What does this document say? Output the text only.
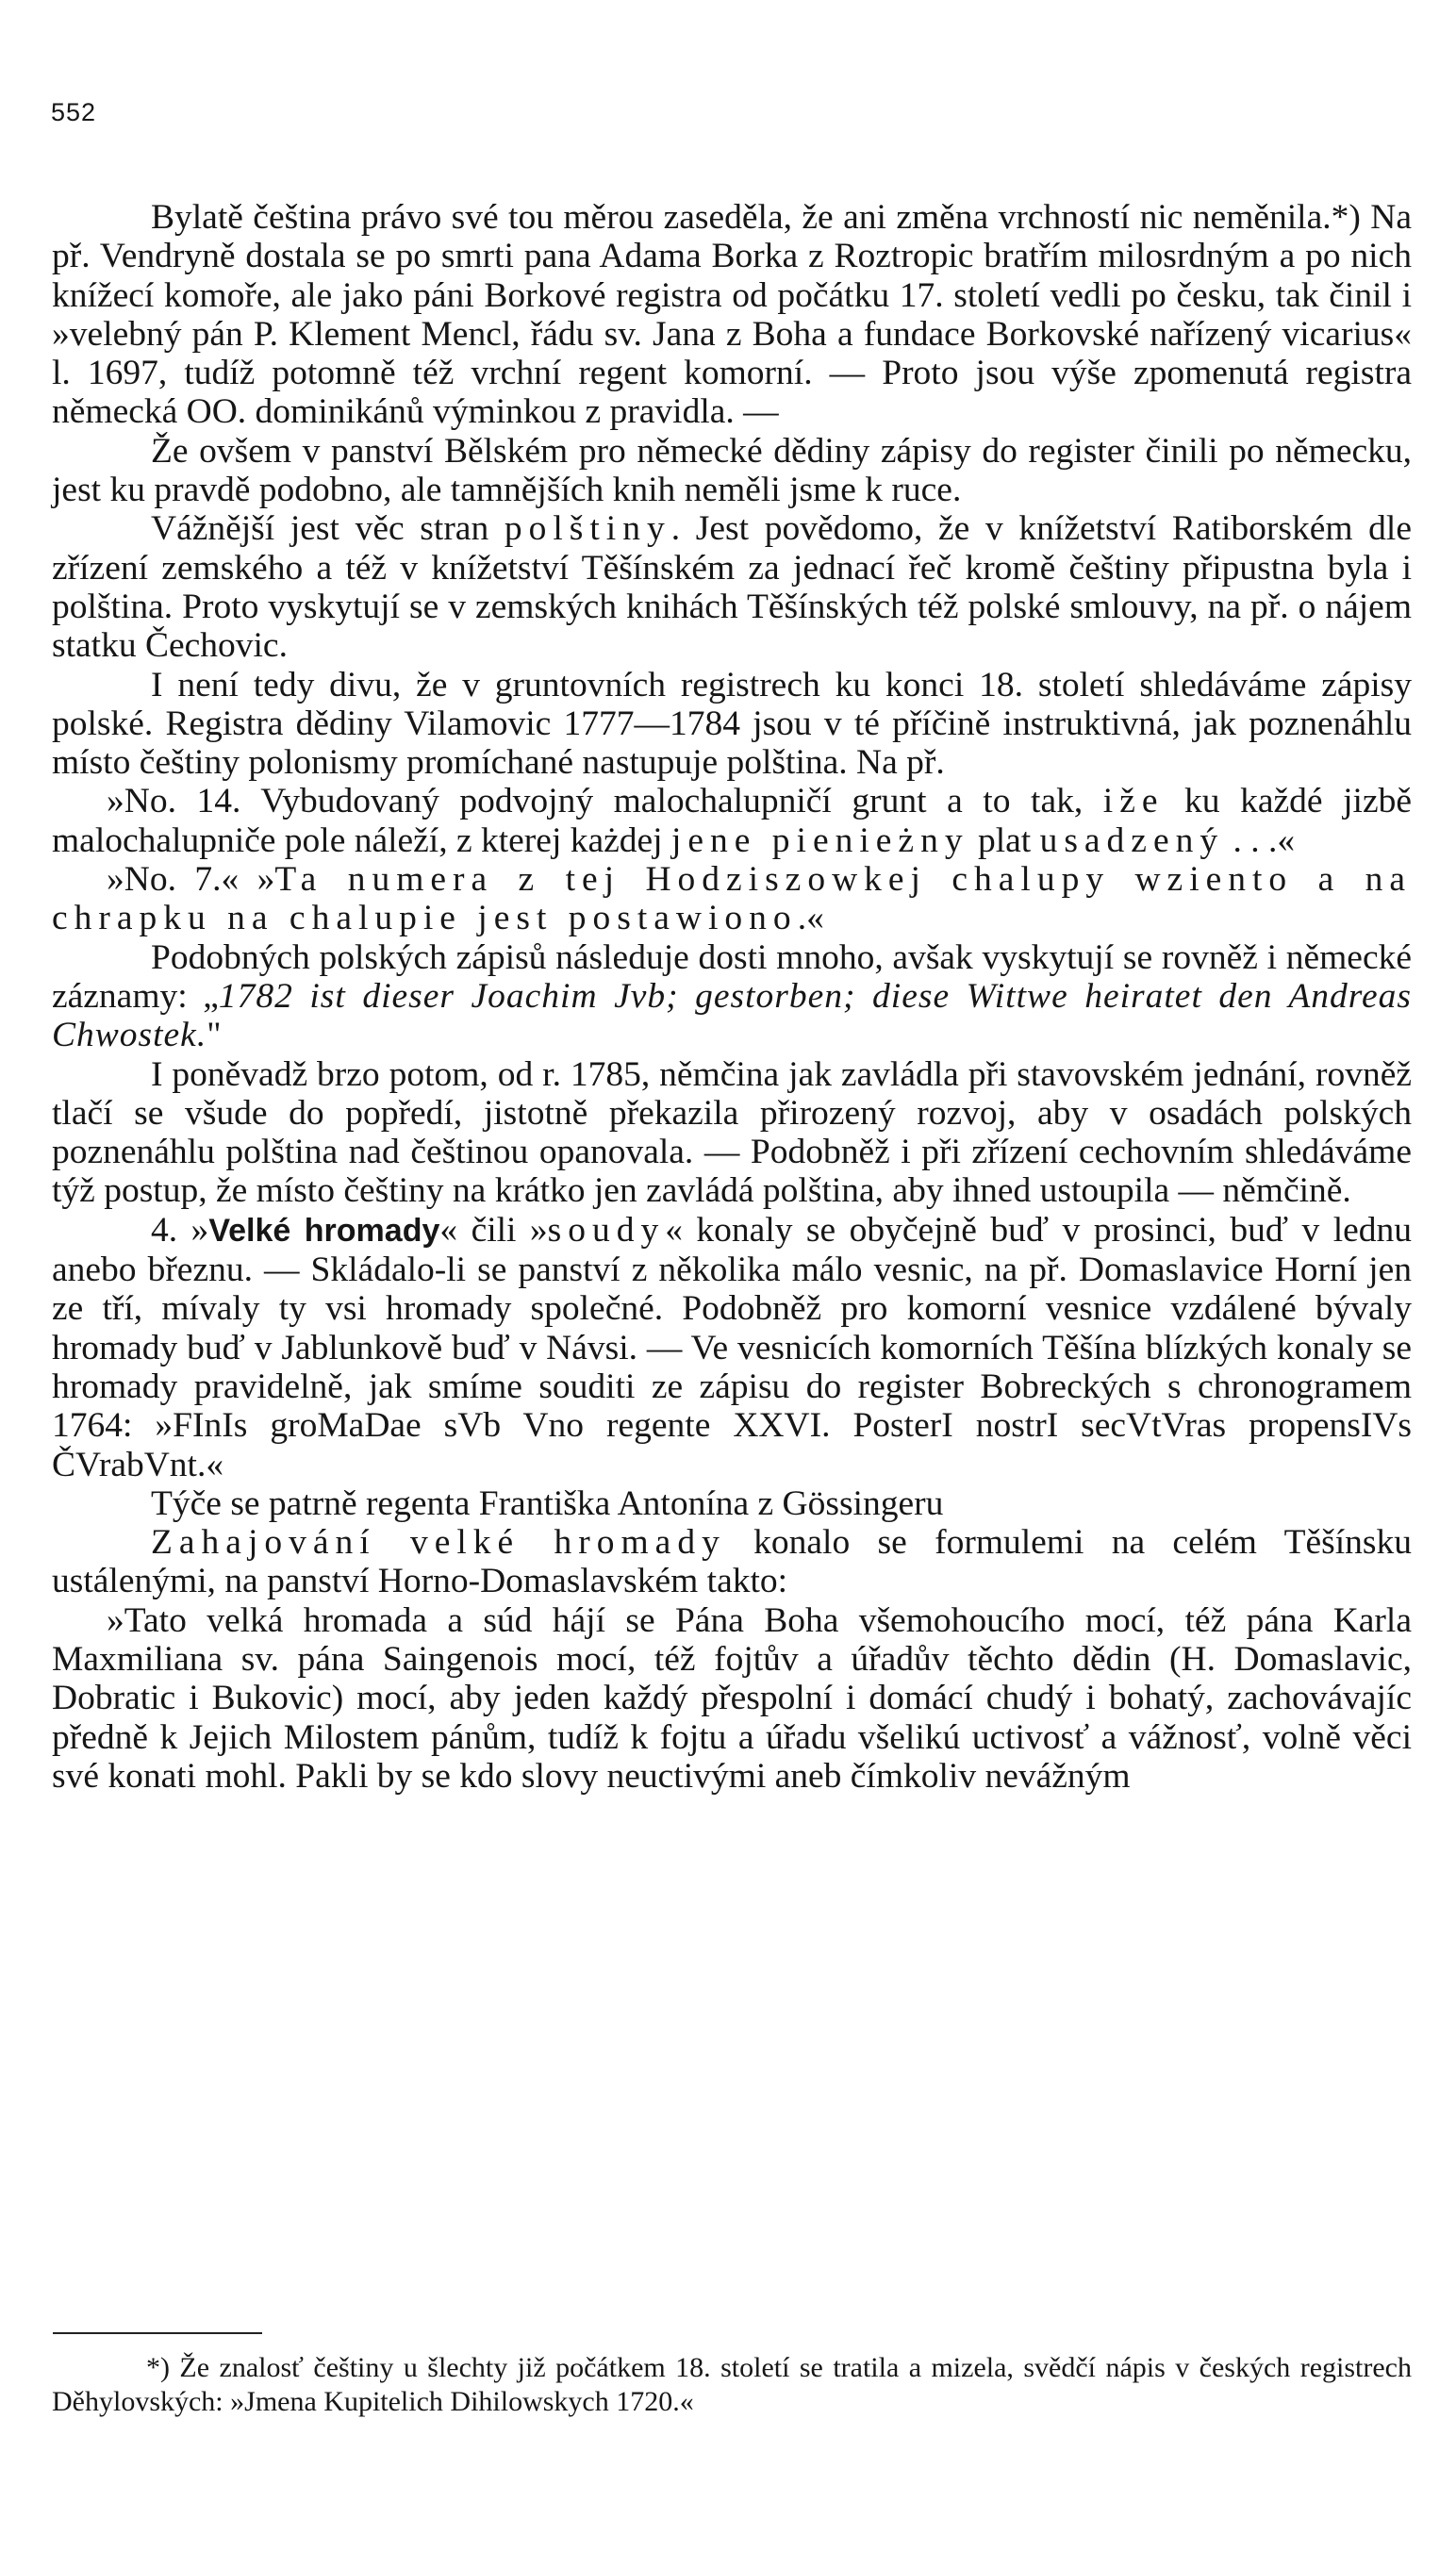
552

Bylatě čeština právo své tou měrou zaseděla, že ani změna vrchností nic neměnila.*) Na př. Vendryně dostala se po smrti pana Adama Borka z Roztropic bratřím milosrdným a po nich knížecí komoře, ale jako páni Borkové registra od počátku 17. století vedli po česku, tak činil i »velebný pán P. Klement Mencl, řádu sv. Jana z Boha a fundace Borkovské nařízený vicarius« l. 1697, tudíž potomně též vrchní regent komorní. — Proto jsou výše zpomenutá registra německá OO. dominikánů výminkou z pravidla. —

Že ovšem v panství Bělském pro německé dědiny zápisy do register činili po německu, jest ku pravdě podobno, ale tamnějších knih neměli jsme k ruce.

Vážnější jest věc stran polštiny. Jest povědomo, že v knížetství Ratiborském dle zřízení zemského a též v knížetství Těšínském za jednací řeč kromě češtiny připustna byla i polština. Proto vyskytují se v zemských knihách Těšínských též polské smlouvy, na př. o nájem statku Čechovic.

I není tedy divu, že v gruntovních registrech ku konci 18. století shledáváme zápisy polské. Registra dědiny Vilamovic 1777—1784 jsou v té příčině instruktivná, jak poznenáhlu místo češtiny polonismy promíchané nastupuje polština. Na př.

»No. 14. Vybudovaný podvojný malochalupničí grunt a to tak, iže ku každé jizbě malochalupniče pole náleží, z kterej każdej jene pienieżny plat usadzený . . .«

»No. 7.« »Ta numera z tej Hodziszowkej chalupy wziento a na chrapku na chalupie jest postawiono.«

Podobných polských zápisů následuje dosti mnoho, avšak vyskytují se rovněž i německé záznamy: „1782 ist dieser Joachim Jvb; gestorben; diese Wittwe heiratet den Andreas Chwostek."

I poněvadž brzo potom, od r. 1785, němčina jak zavládla při stavovském jednání, rovněž tlačí se všude do popředí, jistotně překazila přirozený rozvoj, aby v osadách polských poznenáhlu polština nad češtinou opanovala. — Podobněž i při zřízení cechovním shledáváme týž postup, že místo češtiny na krátko jen zavládá polština, aby ihned ustoupila — němčině.

4. »Velké hromady« čili »soudy« konaly se obyčejně buď v prosinci, buď v lednu anebo březnu. — Skládalo-li se panství z několika málo vesnic, na př. Domaslavice Horní jen ze tří, mívaly ty vsi hromady společné. Podobněž pro komorní vesnice vzdálené bývaly hromady buď v Jablunkově buď v Návsi. — Ve vesnicích komorních Těšína blízkých konaly se hromady pravidelně, jak smíme souditi ze zápisu do register Bobreckých s chronogramem 1764: »FInIs groMaDae sVb Vno regente XXVI. PosterI nostrI secVtVras propensIVs ČVrabVnt.«

Týče se patrně regenta Františka Antonína z Gössingeru

Zahajování velké hromady konalo se formulemi na celém Těšínsku ustálenými, na panství Horno-Domaslavském takto:

»Tato velká hromada a súd hájí se Pána Boha všemohoucího mocí, též pána Karla Maxmiliana sv. pána Saingenois mocí, též fojtův a úřadův těchto dědin (H. Domaslavic, Dobratic i Bukovic) mocí, aby jeden každý přespolní i domácí chudý i bohatý, zachovávajíc předně k Jejich Milostem pánům, tudíž k fojtu a úřadu všelikú uctivosť a vážnosť, volně věci své konati mohl. Pakli by se kdo slovy neuctivými aneb čímkoliv nevážným

*) Že znalosť češtiny u šlechty již počátkem 18. století se tratila a mizela, svědčí nápis v českých registrech Děhylovských: »Jmena Kupitelich Dihilowskych 1720.«
